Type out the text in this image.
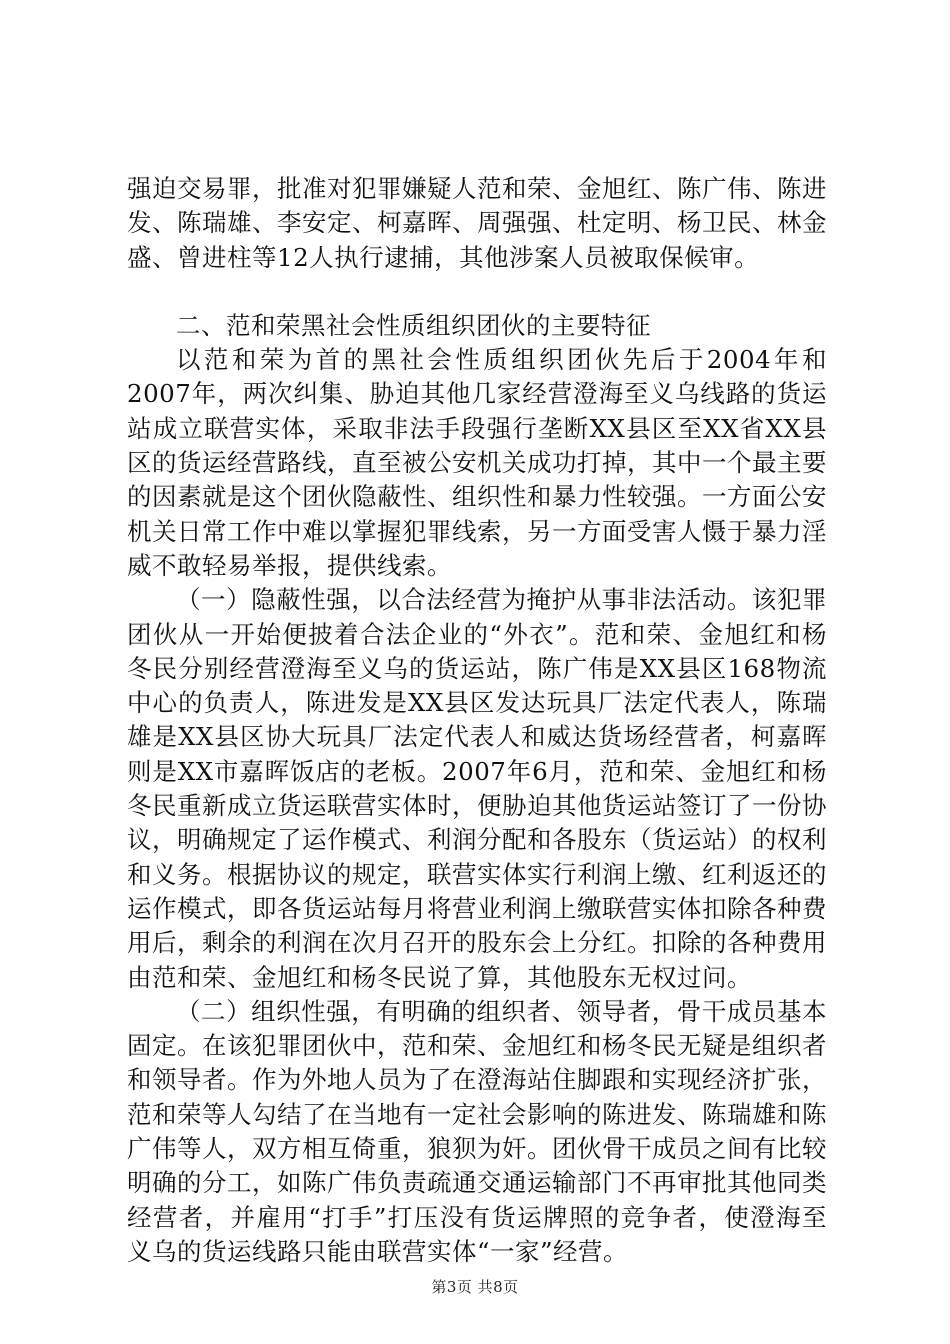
强迫交易罪，批准对犯罪嫌疑人范和荣、金旭红、陈广伟、陈进发、陈瑞雄、李安定、柯嘉晖、周强强、杜定明、杨卫民、林金盛、曾进柱等12人执行逮捕，其他涉案人员被取保候审。

二、范和荣黑社会性质组织团伙的主要特征

以范和荣为首的黑社会性质组织团伙先后于2004年和2007年，两次纠集、胁迫其他几家经营澄海至义乌线路的货运站成立联营实体，采取非法手段强行垄断XX县区至XX省XX县区的货运经营路线，直至被公安机关成功打掉，其中一个最主要的因素就是这个团伙隐蔽性、组织性和暴力性较强。一方面公安机关日常工作中难以掌握犯罪线索，另一方面受害人慑于暴力淫威不敢轻易举报，提供线索。

（一）隐蔽性强，以合法经营为掩护从事非法活动。该犯罪团伙从一开始便披着合法企业的“外衣”。范和荣、金旭红和杨冬民分别经营澄海至义乌的货运站，陈广伟是XX县区168物流中心的负责人，陈进发是XX县区发达玩具厂法定代表人，陈瑞雄是XX县区协大玩具厂法定代表人和威达货场经营者，柯嘉晖则是XX市嘉晖饭店的老板。2007年6月，范和荣、金旭红和杨冬民重新成立货运联营实体时，便胁迫其他货运站签订了一份协议，明确规定了运作模式、利润分配和各股东（货运站）的权利和义务。根据协议的规定，联营实体实行利润上缴、红利返还的运作模式，即各货运站每月将营业利润上缴联营实体扣除各种费用后，剩余的利润在次月召开的股东会上分红。扣除的各种费用由范和荣、金旭红和杨冬民说了算，其他股东无权过问。

（二）组织性强，有明确的组织者、领导者，骨干成员基本固定。在该犯罪团伙中，范和荣、金旭红和杨冬民无疑是组织者和领导者。作为外地人员为了在澄海站住脚跟和实现经济扩张，范和荣等人勾结了在当地有一定社会影响的陈进发、陈瑞雄和陈广伟等人，双方相互倚重，狼狈为奸。团伙骨干成员之间有比较明确的分工，如陈广伟负责疏通交通运输部门不再审批其他同类经营者，并雇用“打手”打压没有货运牌照的竞争者，使澄海至义乌的货运线路只能由联营实体“一家”经营。

第3页 共8页
